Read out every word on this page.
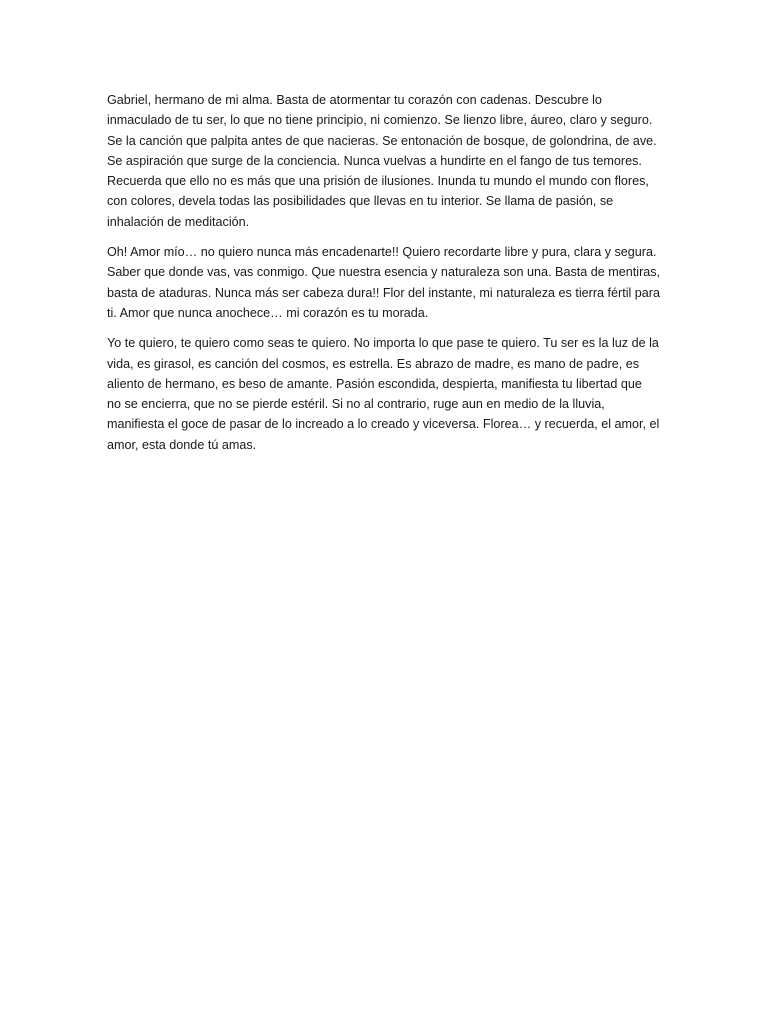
Gabriel, hermano de mi alma. Basta de atormentar tu corazón con cadenas. Descubre lo
inmaculado de tu ser, lo que no tiene principio, ni comienzo. Se lienzo libre, áureo, claro y seguro.
Se la canción que palpita antes de que nacieras. Se entonación de bosque, de golondrina, de ave.
Se aspiración que surge de la conciencia. Nunca vuelvas a hundirte en el fango de tus temores.
Recuerda que ello no es más que una prisión de ilusiones. Inunda tu mundo el mundo con flores,
con colores, devela todas las posibilidades que llevas en tu interior. Se llama de pasión, se
inhalación de meditación.

Oh! Amor mío… no quiero nunca más encadenarte!! Quiero recordarte libre y pura, clara y segura.
Saber que donde vas, vas conmigo. Que nuestra esencia y naturaleza son una. Basta de mentiras,
basta de ataduras. Nunca más ser cabeza dura!! Flor del instante, mi naturaleza es tierra fértil para
ti. Amor que nunca anochece… mi corazón es tu morada.

Yo te quiero, te quiero como seas te quiero. No importa lo que pase te quiero. Tu ser es la luz de la
vida, es girasol, es canción del cosmos, es estrella. Es abrazo de madre, es mano de padre, es
aliento de hermano, es beso de amante. Pasión escondida, despierta, manifiesta tu libertad que
no se encierra, que no se pierde estéril. Si no al contrario, ruge aun en medio de la lluvia,
manifiesta el goce de pasar de lo increado a lo creado y viceversa. Florea… y recuerda, el amor, el
amor, esta donde tú amas.
